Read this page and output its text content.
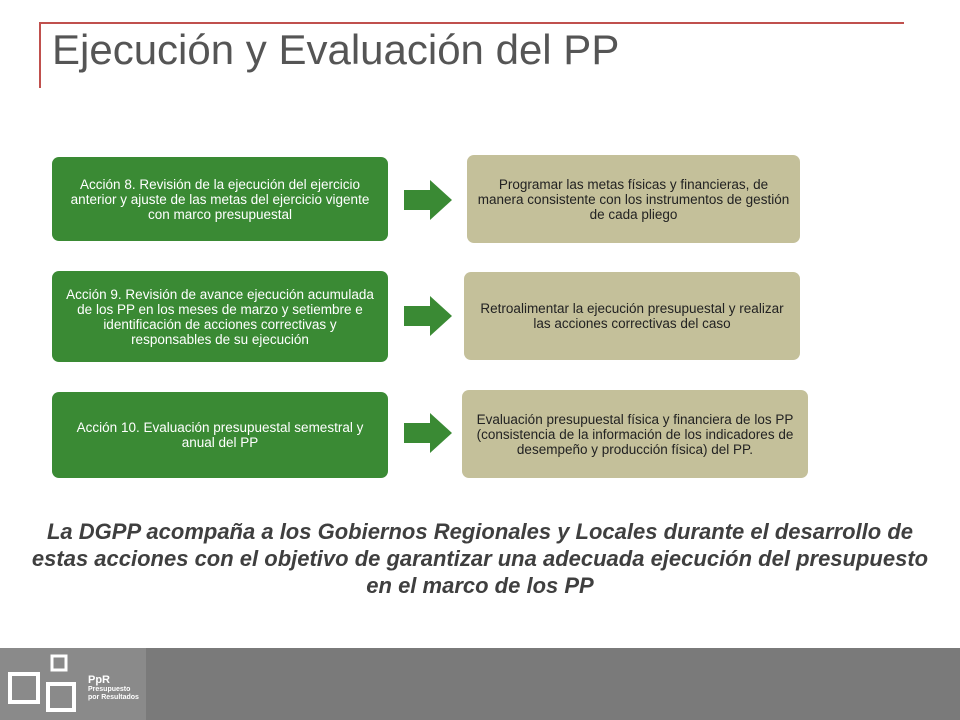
Ejecución y Evaluación del PP
Acción 8. Revisión de la ejecución del ejercicio anterior y ajuste de las metas del ejercicio vigente con marco presupuestal
Programar las metas físicas y financieras, de manera consistente con los instrumentos de gestión de cada pliego
Acción 9. Revisión de avance ejecución acumulada de los PP en los meses de marzo y setiembre e identificación de acciones correctivas y responsables de su ejecución
Retroalimentar la ejecución presupuestal y realizar las acciones correctivas del caso
Acción 10. Evaluación presupuestal semestral y anual del PP
Evaluación presupuestal física y financiera de los PP (consistencia de la información de los indicadores de desempeño y producción física) del PP.
La DGPP acompaña a los Gobiernos Regionales y Locales durante el desarrollo de estas acciones con el objetivo de garantizar una adecuada ejecución del presupuesto en el marco de los PP
PpR
Presupuesto
por Resultados
